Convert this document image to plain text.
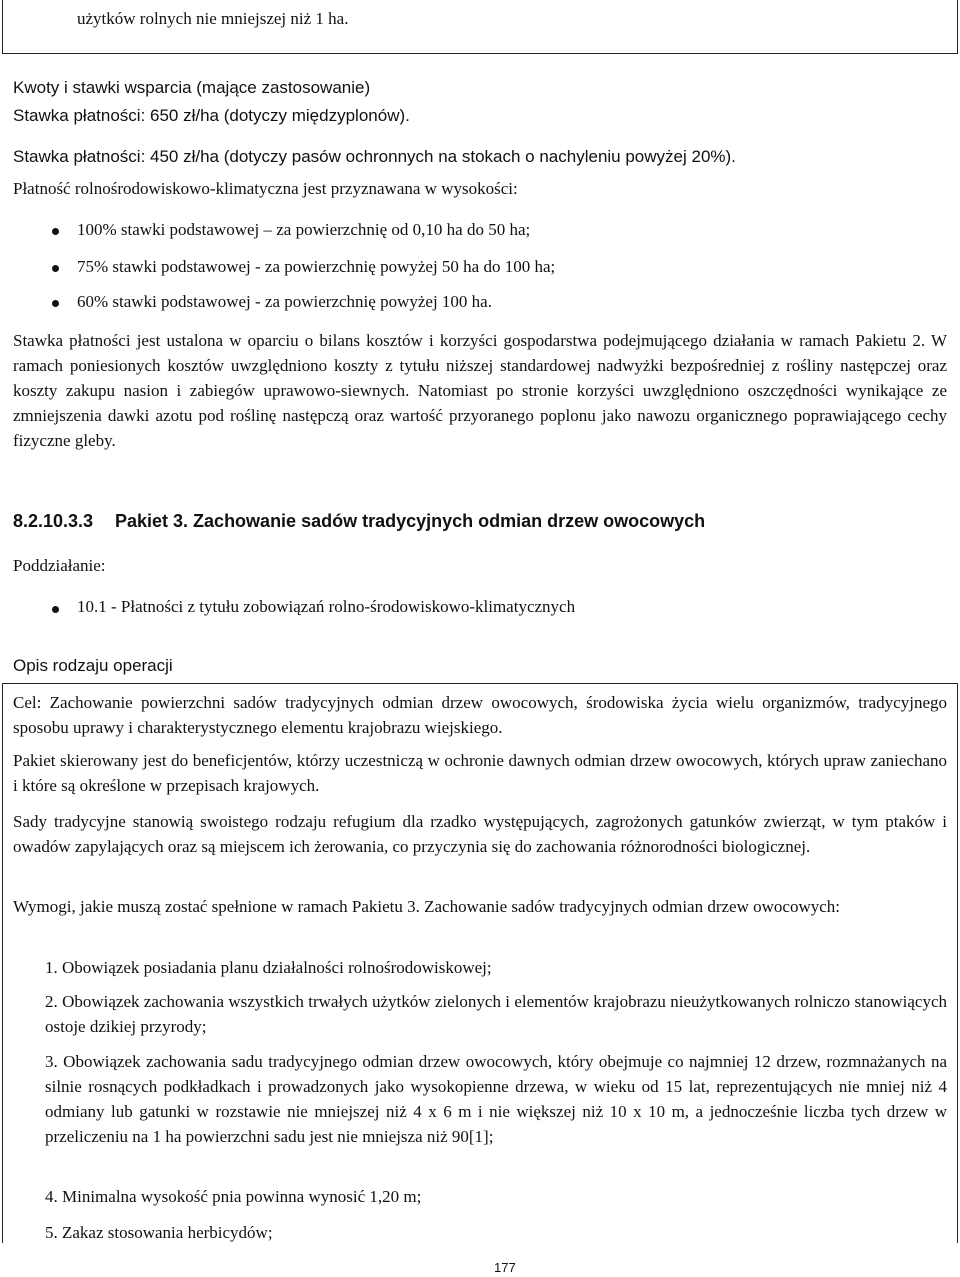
użytków rolnych nie mniejszej niż 1 ha.
Kwoty i stawki wsparcia (mające zastosowanie)
Stawka płatności: 650 zł/ha (dotyczy międzyplonów).
Stawka płatności: 450 zł/ha (dotyczy pasów ochronnych na stokach o nachyleniu powyżej 20%).
Płatność rolnośrodowiskowo-klimatyczna jest przyznawana w wysokości:
100% stawki podstawowej – za powierzchnię od 0,10 ha do 50 ha;
75% stawki podstawowej - za powierzchnię powyżej 50 ha do 100 ha;
60% stawki podstawowej - za powierzchnię powyżej 100 ha.
Stawka płatności jest ustalona w oparciu o bilans kosztów i korzyści gospodarstwa podejmującego działania w ramach Pakietu 2. W ramach poniesionych kosztów uwzględniono koszty z tytułu niższej standardowej nadwyżki bezpośredniej z rośliny następczej oraz koszty zakupu nasion i zabiegów uprawowo-siewnych. Natomiast po stronie korzyści uwzględniono oszczędności wynikające ze zmniejszenia dawki azotu pod roślinę następczą oraz wartość przyoranego poplonu jako nawozu organicznego poprawiającego cechy fizyczne gleby.
8.2.10.3.3 Pakiet 3. Zachowanie sadów tradycyjnych odmian drzew owocowych
Poddziałanie:
10.1 - Płatności z tytułu zobowiązań rolno-środowiskowo-klimatycznych
Opis rodzaju operacji
Cel: Zachowanie powierzchni sadów tradycyjnych odmian drzew owocowych, środowiska życia wielu organizmów, tradycyjnego sposobu uprawy i charakterystycznego elementu krajobrazu wiejskiego.
Pakiet skierowany jest do beneficjentów, którzy uczestniczą w ochronie dawnych odmian drzew owocowych, których upraw zaniechano i które są określone w przepisach krajowych.
Sady tradycyjne stanowią swoistego rodzaju refugium dla rzadko występujących, zagrożonych gatunków zwierząt, w tym ptaków i owadów zapylających oraz są miejscem ich żerowania, co przyczynia się do zachowania różnorodności biologicznej.
Wymogi, jakie muszą zostać spełnione w ramach Pakietu 3. Zachowanie sadów tradycyjnych odmian drzew owocowych:
1. Obowiązek posiadania planu działalności rolnośrodowiskowej;
2. Obowiązek zachowania wszystkich trwałych użytków zielonych i elementów krajobrazu nieużytkowanych rolniczo stanowiących ostoje dzikiej przyrody;
3. Obowiązek zachowania sadu tradycyjnego odmian drzew owocowych, który obejmuje co najmniej 12 drzew, rozmnażanych na silnie rosnących podkładkach i prowadzonych jako wysokopienne drzewa, w wieku od 15 lat, reprezentujących nie mniej niż 4 odmiany lub gatunki w rozstawie nie mniejszej niż 4 x 6 m i nie większej niż 10 x 10 m, a jednocześnie liczba tych drzew w przeliczeniu na 1 ha powierzchni sadu jest nie mniejsza niż 90[1];
4. Minimalna wysokość pnia powinna wynosić 1,20 m;
5. Zakaz stosowania herbicydów;
177
